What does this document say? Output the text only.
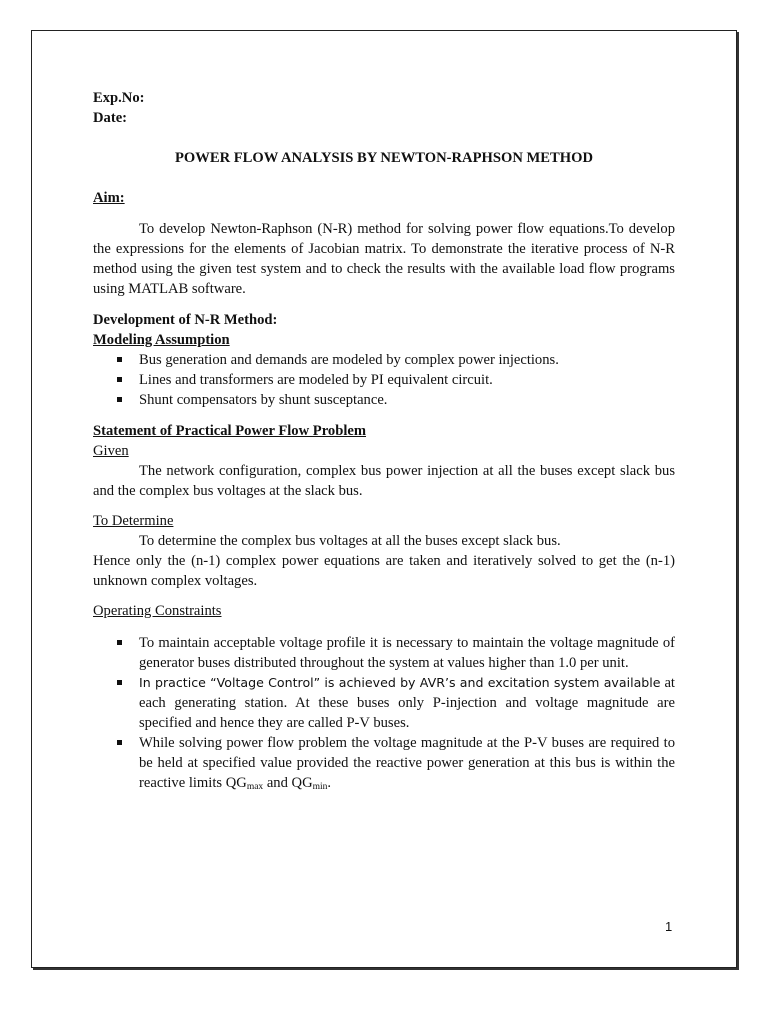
Exp.No:
Date:
POWER FLOW ANALYSIS BY NEWTON-RAPHSON METHOD
Aim:
To develop Newton-Raphson (N-R) method for solving power flow equations.To develop the expressions for the elements of Jacobian matrix. To demonstrate the iterative process of N-R method using the given test system and to check the results with the available load flow programs using MATLAB software.
Development of N-R Method:
Modeling Assumption
Bus generation and demands are modeled by complex power injections.
Lines and transformers are modeled by PI equivalent circuit.
Shunt compensators by shunt susceptance.
Statement of Practical Power Flow Problem
Given
The network configuration, complex bus power injection at all the buses except slack bus and the complex bus voltages at the slack bus.
To Determine
To determine the complex bus voltages at all the buses except slack bus.
Hence only the (n-1) complex power equations are taken and iteratively solved to get the (n-1) unknown complex voltages.
Operating Constraints
To maintain acceptable voltage profile it is necessary to maintain the voltage magnitude of generator buses distributed throughout the system at values higher than 1.0 per unit.
In practice “Voltage Control” is achieved by AVR’s and excitation system available at each generating station. At these buses only P-injection and voltage magnitude are specified and hence they are called P-V buses.
While solving power flow problem the voltage magnitude at the P-V buses are required to be held at specified value provided the reactive power generation at this bus is within the reactive limits $QG_{max}$ and $QG_{min}$.
1
